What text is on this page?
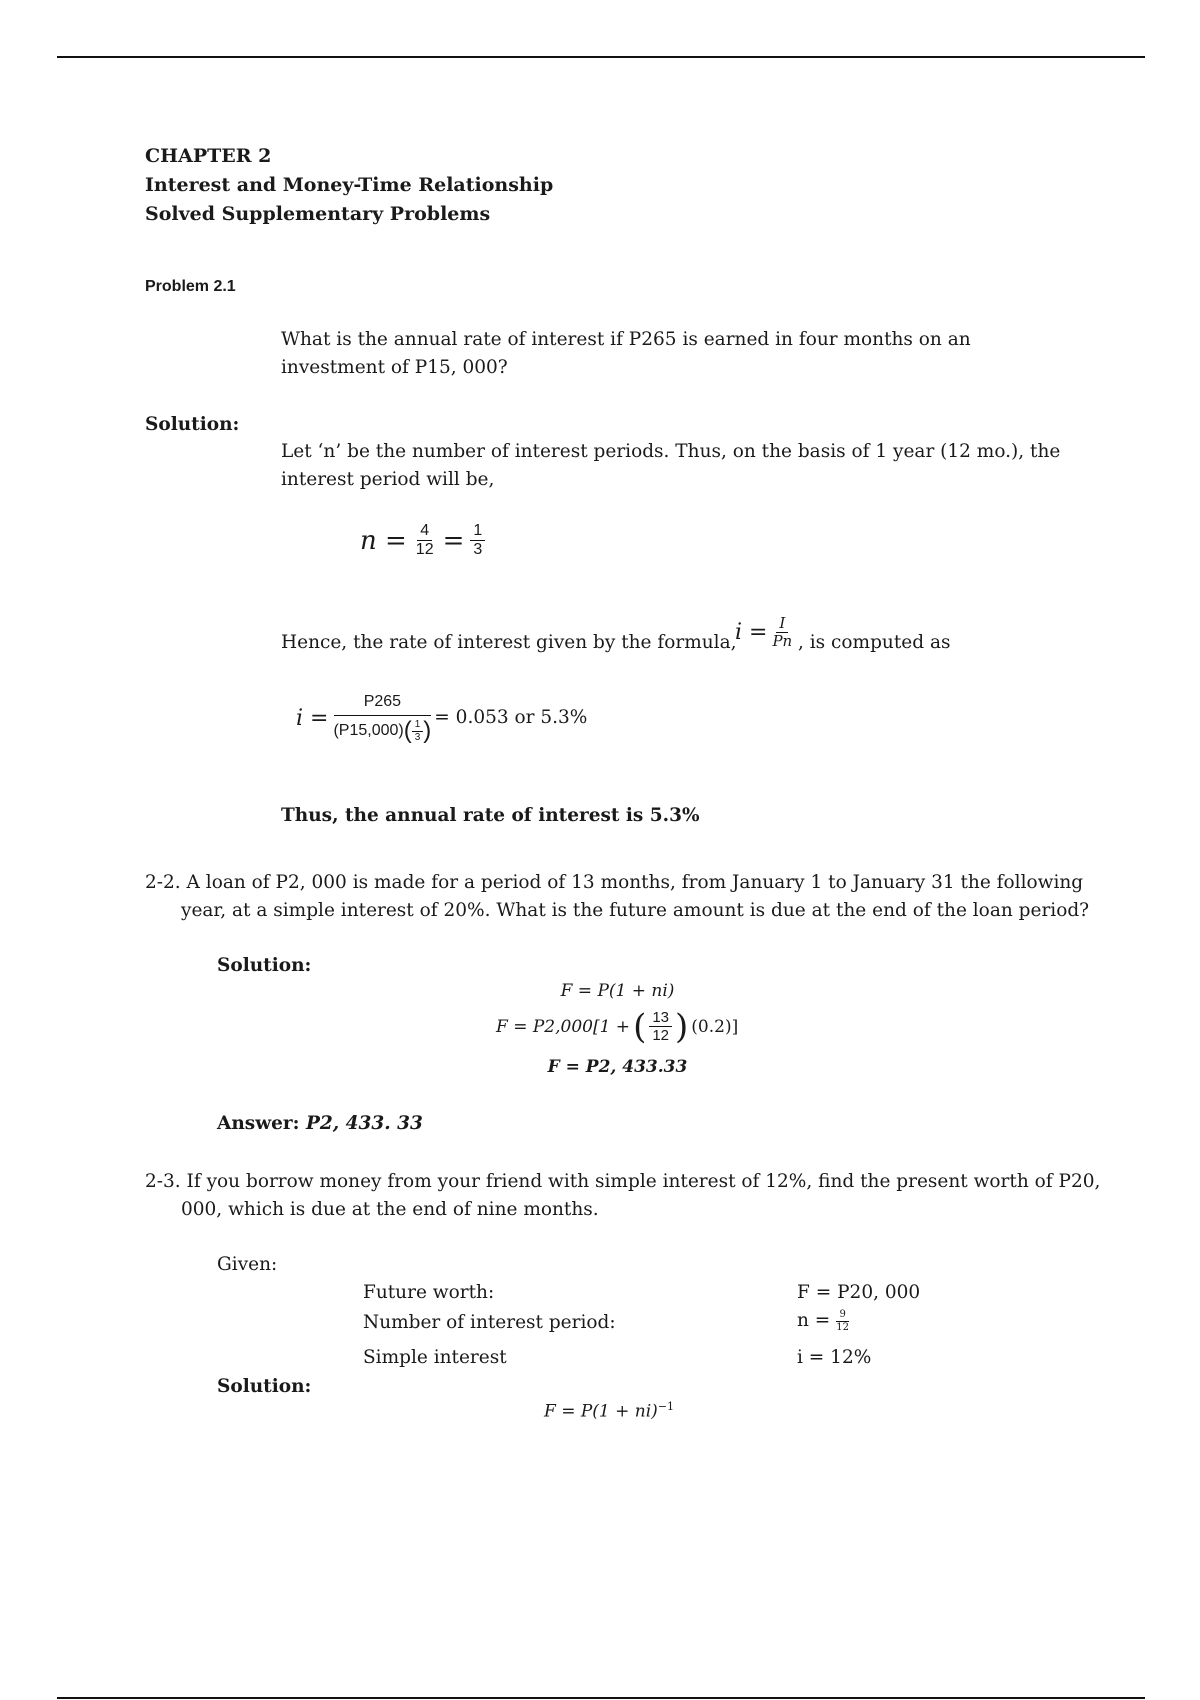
CHAPTER 2
Interest and Money-Time Relationship
Solved Supplementary Problems
Problem 2.1
What is the annual rate of interest if P265 is earned in four months on an
investment of P15, 000?
Solution:
Let ‘n’ be the number of interest periods. Thus, on the basis of 1 year (12 mo.), the
interest period will be,
$n = \frac{4}{12} = \frac{1}{3}$
Hence, the rate of interest given by the formula,
$i = \frac{I}{Pn}$ , is computed as
$i = \frac{P265}{(P15,000) ( \frac{1}{3} )} = 0.053$ or 5.3%
Thus, the annual rate of interest is 5.3%
2-2. A loan of P2, 000 is made for a period of 13 months, from January 1 to January 31 the following
year, at a simple interest of 20%. What is the future amount is due at the end of the loan period?
Solution:
F = P(1 + ni)
F = P2,000[1 + ( $\frac{13}{12}$ ) (0.2)]
F = P2, 433.33
Answer: P2, 433. 33
2-3. If you borrow money from your friend with simple interest of 12%, find the present worth of P20,
000, which is due at the end of nine months.
Given:
Future worth:	F = P20, 000
Number of interest period:	$n = \frac{9}{12}$
Simple interest	i = 12%
Solution:
F = P(1 + ni)$^{-1}$
